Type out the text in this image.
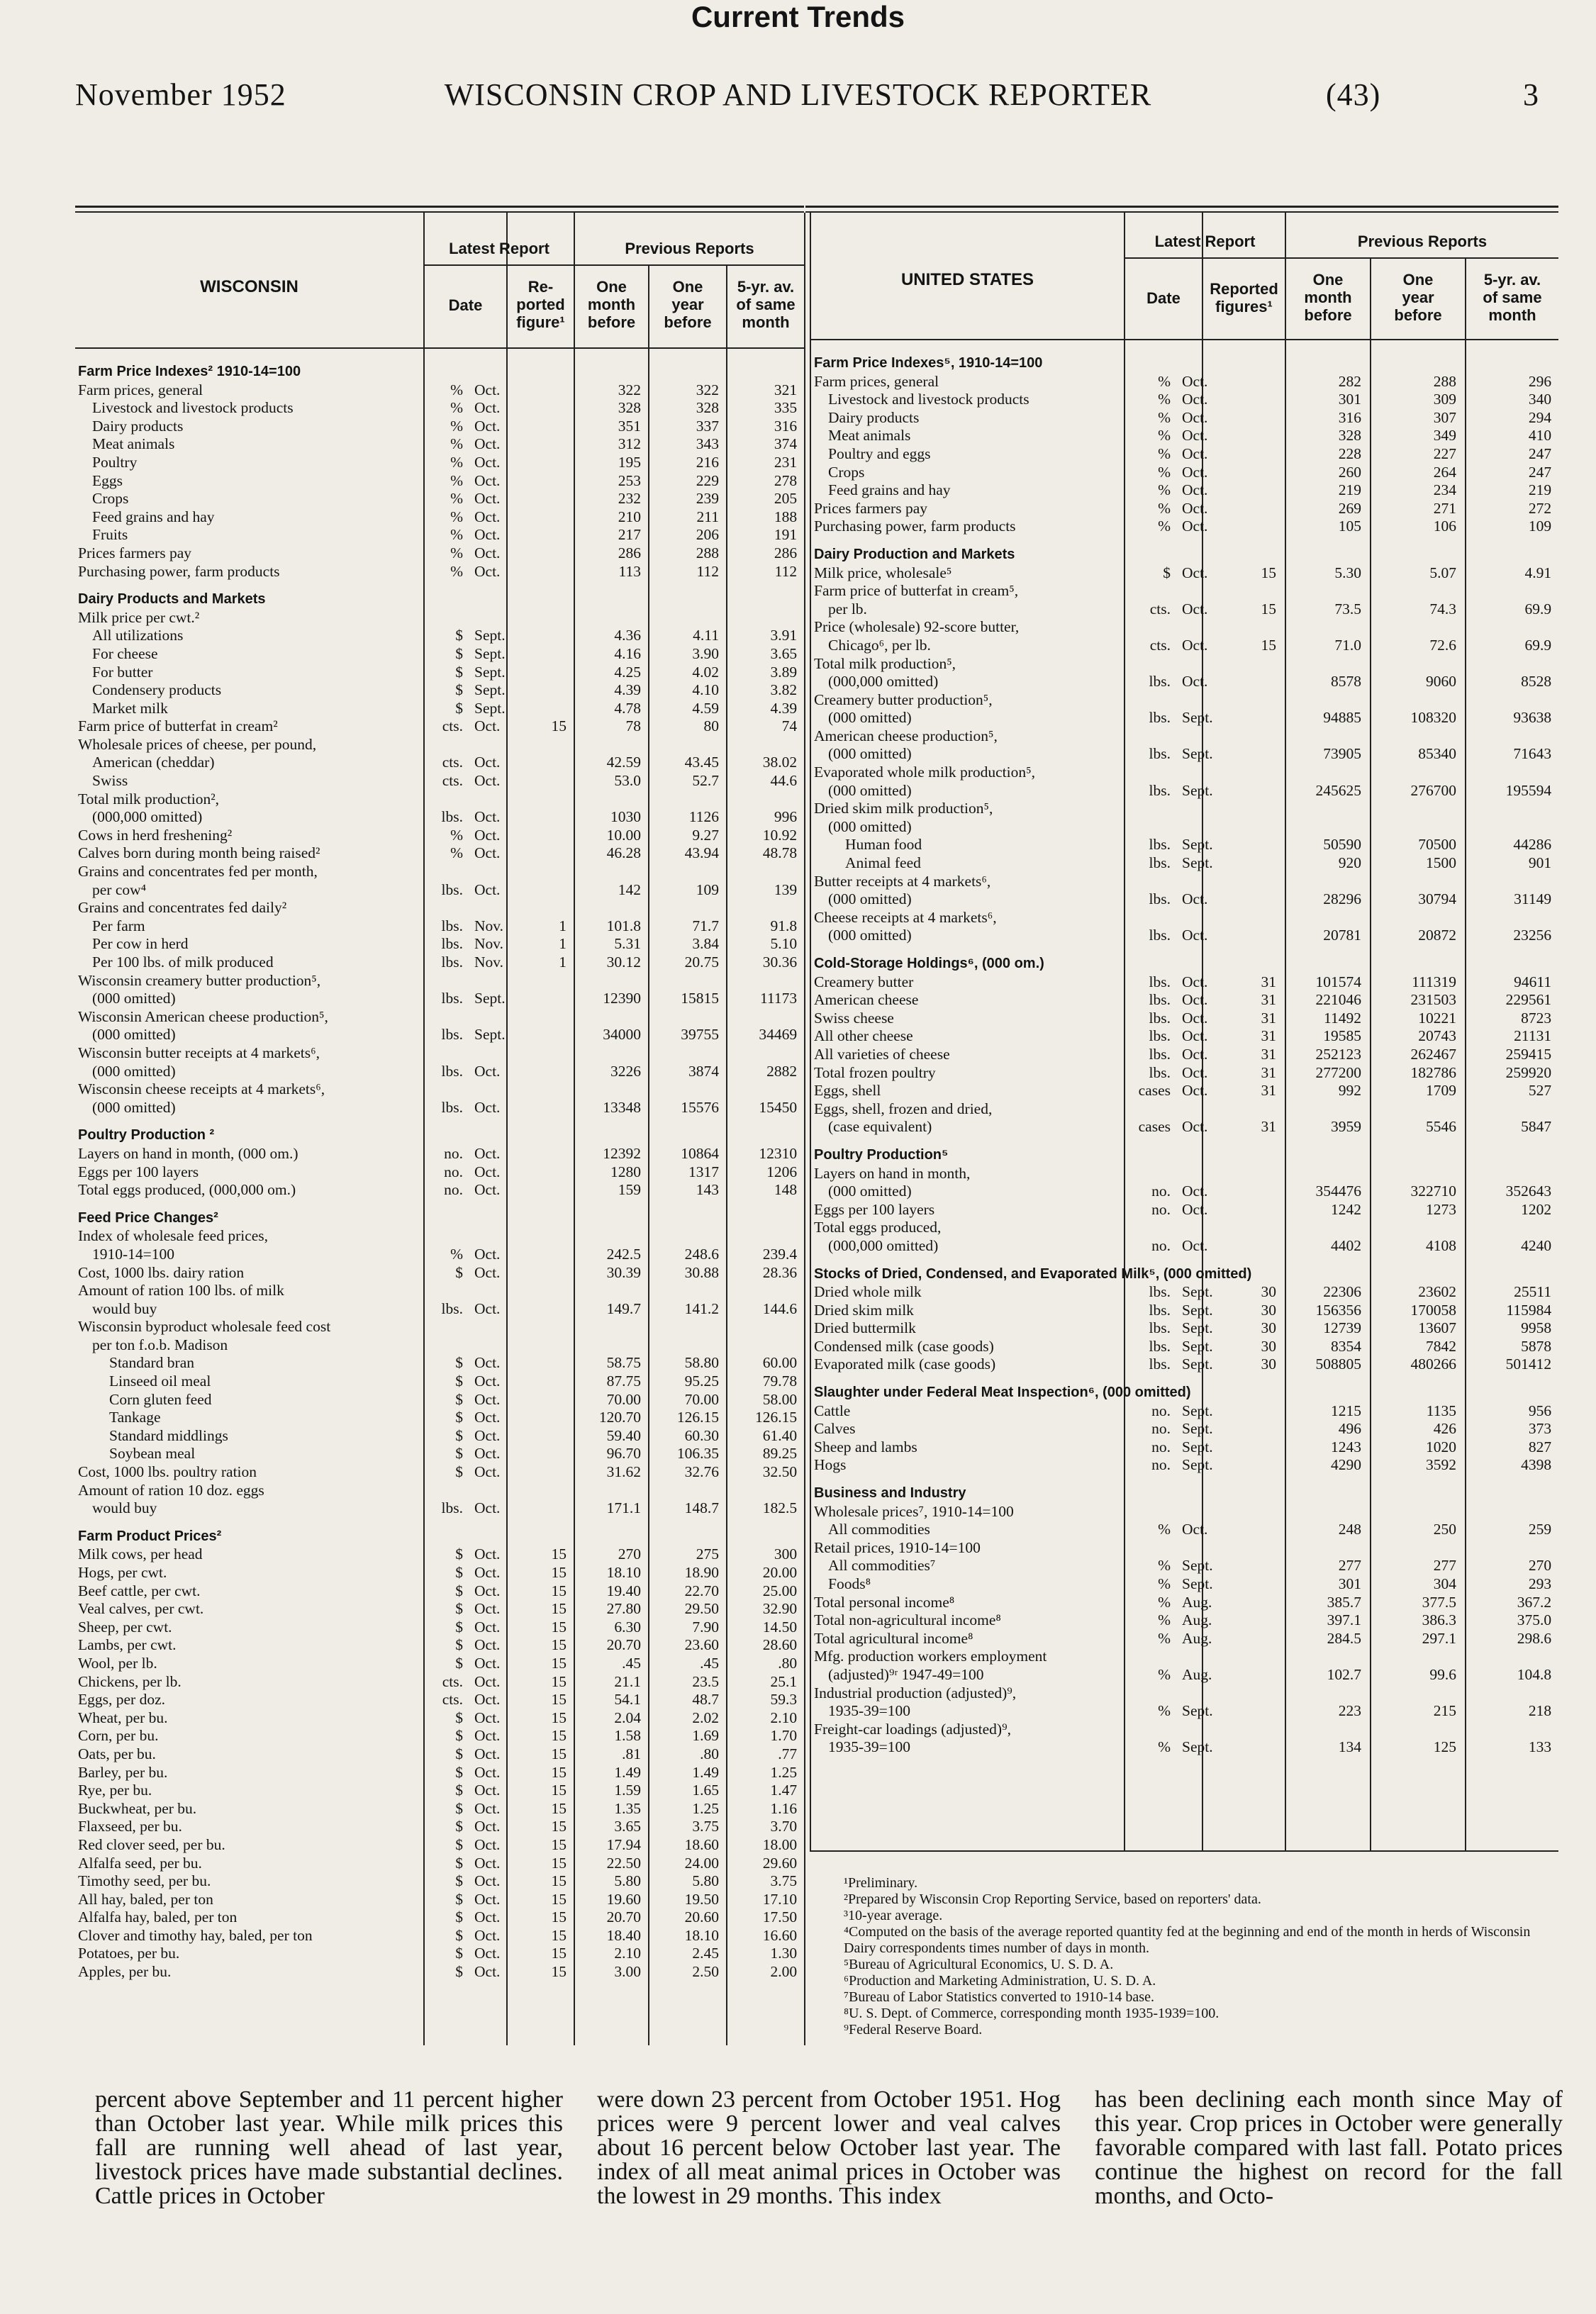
November 1952	WISCONSIN CROP AND LIVESTOCK REPORTER	(43)	3
Current Trends
WISCONSIN
Latest Report	Previous Reports
Date
Re-
ported
figure¹
One
month
before
One
year
before
5-yr. av.
of same
month
Farm Price Indexes² 1910-14=100						
Farm prices, general %	Oct.		322	322	321	
Livestock and livestock products %	Oct.		328	328	335	
Dairy products %	Oct.		351	337	316	
Meat animals %	Oct.		312	343	374	
Poultry %	Oct.		195	216	231	
Eggs %	Oct.		253	229	278	
Crops %	Oct.		232	239	205	
Feed grains and hay %	Oct.		210	211	188	
Fruits %	Oct.		217	206	191	
Prices farmers pay %	Oct.		286	288	286	
Purchasing power, farm products %	Oct.		113	112	112	
Dairy Products and Markets						
Milk price per cwt.²						
All utilizations $	Sept.		4.36	4.11	3.91	
For cheese $	Sept.		4.16	3.90	3.65	
For butter $	Sept.		4.25	4.02	3.89	
Condensery products $	Sept.		4.39	4.10	3.82	
Market milk $	Sept.		4.78	4.59	4.39	
Farm price of butterfat in cream² cts.	Oct.	15	78	80	74	
Wholesale prices of cheese, per pound,						
American (cheddar) cts.	Oct.		42.59	43.45	38.02	
Swiss cts.	Oct.		53.0	52.7	44.6	
Total milk production²,						
(000,000 omitted) lbs.	Oct.		1030	1126	996	
Cows in herd freshening² %	Oct.		10.00	9.27	10.92	
Calves born during month being raised² %	Oct.		46.28	43.94	48.78	
Grains and concentrates fed per month,						
per cow⁴ lbs.	Oct.		142	109	139	
Grains and concentrates fed daily²						
Per farm lbs.	Nov.	1	101.8	71.7	91.8	
Per cow in herd lbs.	Nov.	1	5.31	3.84	5.10	
Per 100 lbs. of milk produced lbs.	Nov.	1	30.12	20.75	30.36	
Wisconsin creamery butter production⁵,						
(000 omitted) lbs.	Sept.		12390	15815	11173	
Wisconsin American cheese production⁵,						
(000 omitted) lbs.	Sept.		34000	39755	34469	
Wisconsin butter receipts at 4 markets⁶,						
(000 omitted) lbs.	Oct.		3226	3874	2882	
Wisconsin cheese receipts at 4 markets⁶,						
(000 omitted) lbs.	Oct.		13348	15576	15450	
Poultry Production ²						
Layers on hand in month, (000 om.) no.	Oct.		12392	10864	12310	
Eggs per 100 layers no.	Oct.		1280	1317	1206	
Total eggs produced, (000,000 om.) no.	Oct.		159	143	148	
Feed Price Changes²						
Index of wholesale feed prices,						
1910-14=100 %	Oct.		242.5	248.6	239.4	
Cost, 1000 lbs. dairy ration $	Oct.		30.39	30.88	28.36	
Amount of ration 100 lbs. of milk						
would buy lbs.	Oct.		149.7	141.2	144.6	
Wisconsin byproduct wholesale feed cost						
per ton f.o.b. Madison						
Standard bran $	Oct.		58.75	58.80	60.00	
Linseed oil meal $	Oct.		87.75	95.25	79.78	
Corn gluten feed $	Oct.		70.00	70.00	58.00	
Tankage $	Oct.		120.70	126.15	126.15	
Standard middlings $	Oct.		59.40	60.30	61.40	
Soybean meal $	Oct.		96.70	106.35	89.25	
Cost, 1000 lbs. poultry ration $	Oct.		31.62	32.76	32.50	
Amount of ration 10 doz. eggs						
would buy lbs.	Oct.		171.1	148.7	182.5	
Farm Product Prices²						
Milk cows, per head $	Oct.	15	270	275	300	
Hogs, per cwt. $	Oct.	15	18.10	18.90	20.00	
Beef cattle, per cwt. $	Oct.	15	19.40	22.70	25.00	
Veal calves, per cwt. $	Oct.	15	27.80	29.50	32.90	
Sheep, per cwt. $	Oct.	15	6.30	7.90	14.50	
Lambs, per cwt. $	Oct.	15	20.70	23.60	28.60	
Wool, per lb. $	Oct.	15	.45	.45	.80	
Chickens, per lb. cts.	Oct.	15	21.1	23.5	25.1	
Eggs, per doz. cts.	Oct.	15	54.1	48.7	59.3	
Wheat, per bu. $	Oct.	15	2.04	2.02	2.10	
Corn, per bu. $	Oct.	15	1.58	1.69	1.70	
Oats, per bu. $	Oct.	15	.81	.80	.77	
Barley, per bu. $	Oct.	15	1.49	1.49	1.25	
Rye, per bu. $	Oct.	15	1.59	1.65	1.47	
Buckwheat, per bu. $	Oct.	15	1.35	1.25	1.16	
Flaxseed, per bu. $	Oct.	15	3.65	3.75	3.70	
Red clover seed, per bu. $	Oct.	15	17.94	18.60	18.00	
Alfalfa seed, per bu. $	Oct.	15	22.50	24.00	29.60	
Timothy seed, per bu. $	Oct.	15	5.80	5.80	3.75	
All hay, baled, per ton $	Oct.	15	19.60	19.50	17.10	
Alfalfa hay, baled, per ton $	Oct.	15	20.70	20.60	17.50	
Clover and timothy hay, baled, per ton $	Oct.	15	18.40	18.10	16.60	
Potatoes, per bu. $	Oct.	15	2.10	2.45	1.30	
Apples, per bu. $	Oct.	15	3.00	2.50	2.00	
UNITED STATES
Latest Report	Previous Reports
Date
Reported
figures¹
One
month
before
One
year
before
5-yr. av.
of same
month
Farm Price Indexes⁵, 1910-14=100						
Farm prices, general %	Oct.		282	288	296	
Livestock and livestock products %	Oct.		301	309	340	
Dairy products %	Oct.		316	307	294	
Meat animals %	Oct.		328	349	410	
Poultry and eggs %	Oct.		228	227	247	
Crops %	Oct.		260	264	247	
Feed grains and hay %	Oct.		219	234	219	
Prices farmers pay %	Oct.		269	271	272	
Purchasing power, farm products %	Oct.		105	106	109	
Dairy Production and Markets						
Milk price, wholesale⁵ $	Oct.	15	5.30	5.07	4.91	
Farm price of butterfat in cream⁵,						
per lb. cts.	Oct.	15	73.5	74.3	69.9	
Price (wholesale) 92-score butter,						
Chicago⁶, per lb. cts.	Oct.	15	71.0	72.6	69.9	
Total milk production⁵,						
(000,000 omitted) lbs.	Oct.		8578	9060	8528	
Creamery butter production⁵,						
(000 omitted) lbs.	Sept.		94885	108320	93638	
American cheese production⁵,						
(000 omitted) lbs.	Sept.		73905	85340	71643	
Evaporated whole milk production⁵,						
(000 omitted) lbs.	Sept.		245625	276700	195594	
Dried skim milk production⁵,						
(000 omitted)						
Human food lbs.	Sept.		50590	70500	44286	
Animal feed lbs.	Sept.		920	1500	901	
Butter receipts at 4 markets⁶,						
(000 omitted) lbs.	Oct.		28296	30794	31149	
Cheese receipts at 4 markets⁶,						
(000 omitted) lbs.	Oct.		20781	20872	23256	
Cold-Storage Holdings⁶, (000 om.)						
Creamery butter lbs.	Oct.	31	101574	111319	94611	
American cheese lbs.	Oct.	31	221046	231503	229561	
Swiss cheese lbs.	Oct.	31	11492	10221	8723	
All other cheese lbs.	Oct.	31	19585	20743	21131	
All varieties of cheese lbs.	Oct.	31	252123	262467	259415	
Total frozen poultry lbs.	Oct.	31	277200	182786	259920	
Eggs, shell cases	Oct.	31	992	1709	527	
Eggs, shell, frozen and dried,						
(case equivalent) cases	Oct.	31	3959	5546	5847	
Poultry Production⁵						
Layers on hand in month,						
(000 omitted) no.	Oct.		354476	322710	352643	
Eggs per 100 layers no.	Oct.		1242	1273	1202	
Total eggs produced,						
(000,000 omitted) no.	Oct.		4402	4108	4240	
Stocks of Dried, Condensed, and Evaporated Milk⁵, (000 omitted)						
Dried whole milk lbs.	Sept.	30	22306	23602	25511	
Dried skim milk lbs.	Sept.	30	156356	170058	115984	
Dried buttermilk lbs.	Sept.	30	12739	13607	9958	
Condensed milk (case goods) lbs.	Sept.	30	8354	7842	5878	
Evaporated milk (case goods) lbs.	Sept.	30	508805	480266	501412	
Slaughter under Federal Meat Inspection⁶, (000 omitted)						
Cattle no.	Sept.		1215	1135	956	
Calves no.	Sept.		496	426	373	
Sheep and lambs no.	Sept.		1243	1020	827	
Hogs no.	Sept.		4290	3592	4398	
Business and Industry						
Wholesale prices⁷, 1910-14=100						
All commodities %	Oct.		248	250	259	
Retail prices, 1910-14=100						
All commodities⁷ %	Sept.		277	277	270	
Foods⁸ %	Sept.		301	304	293	
Total personal income⁸ %	Aug.		385.7	377.5	367.2	
Total non-agricultural income⁸ %	Aug.		397.1	386.3	375.0	
Total agricultural income⁸ %	Aug.		284.5	297.1	298.6	
Mfg. production workers employment						
(adjusted)⁹ʳ 1947-49=100 %	Aug.		102.7	99.6	104.8	
Industrial production (adjusted)⁹,						
1935-39=100 %	Sept.		223	215	218	
Freight-car loadings (adjusted)⁹,						
1935-39=100 %	Sept.		134	125	133	
¹Preliminary.
²Prepared by Wisconsin Crop Reporting Service, based on reporters' data.
³10-year average.
⁴Computed on the basis of the average reported quantity fed at the beginning and end of the month in herds of Wisconsin Dairy correspondents times number of days in month.
⁵Bureau of Agricultural Economics, U. S. D. A.
⁶Production and Marketing Administration, U. S. D. A.
⁷Bureau of Labor Statistics converted to 1910-14 base.
⁸U. S. Dept. of Commerce, corresponding month 1935-1939=100.
⁹Federal Reserve Board.

percent above September and 11 percent higher than October last year. While milk prices this fall are running well ahead of last year, livestock prices have made substantial declines. Cattle prices in October

were down 23 percent from October 1951. Hog prices were 9 percent lower and veal calves about 16 percent below October last year. The index of all meat animal prices in October was the lowest in 29 months. This index

has been declining each month since May of this year. Crop prices in October were generally favorable compared with last fall. Potato prices continue the highest on record for the fall months, and Octo-
